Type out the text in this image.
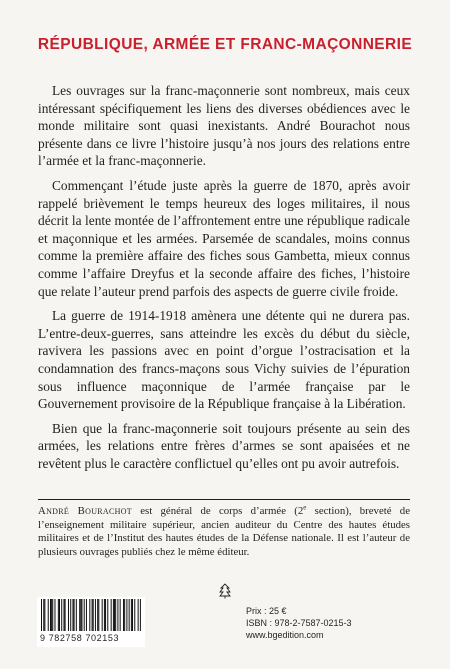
RÉPUBLIQUE, ARMÉE ET FRANC-MAÇONNERIE

Les ouvrages sur la franc-maçonnerie sont nombreux, mais ceux intéressant spécifiquement les liens des diverses obédiences avec le monde militaire sont quasi inexistants. André Bourachot nous présente dans ce livre l’histoire jusqu’à nos jours des relations entre l’armée et la franc-maçonnerie.

Commençant l’étude juste après la guerre de 1870, après avoir rappelé brièvement le temps heureux des loges militaires, il nous décrit la lente montée de l’affrontement entre une république radicale et maçonnique et les armées. Parsemée de scandales, moins connus comme la première affaire des fiches sous Gambetta, mieux connus comme l’affaire Dreyfus et la seconde affaire des fiches, l’histoire que relate l’auteur prend parfois des aspects de guerre civile froide.

La guerre de 1914-1918 amènera une détente qui ne durera pas. L’entre-deux-guerres, sans atteindre les excès du début du siècle, ravivera les passions avec en point d’orgue l’ostracisation et la condamnation des francs-maçons sous Vichy suivies de l’épuration sous influence maçonnique de l’armée française par le Gouvernement provisoire de la République française à la Libération.

Bien que la franc-maçonnerie soit toujours présente au sein des armées, les relations entre frères d’armes se sont apaisées et ne revêtent plus le caractère conflictuel qu’elles ont pu avoir autrefois.

André Bourachot est général de corps d’armée (2e section), breveté de l’enseignement militaire supérieur, ancien auditeur du Centre des hautes études militaires et de l’Institut des hautes études de la Défense nationale. Il est l’auteur de plusieurs ouvrages publiés chez le même éditeur.

9 782758 702153
Prix : 25 €
ISBN : 978-2-7587-0215-3
www.bgedition.com
